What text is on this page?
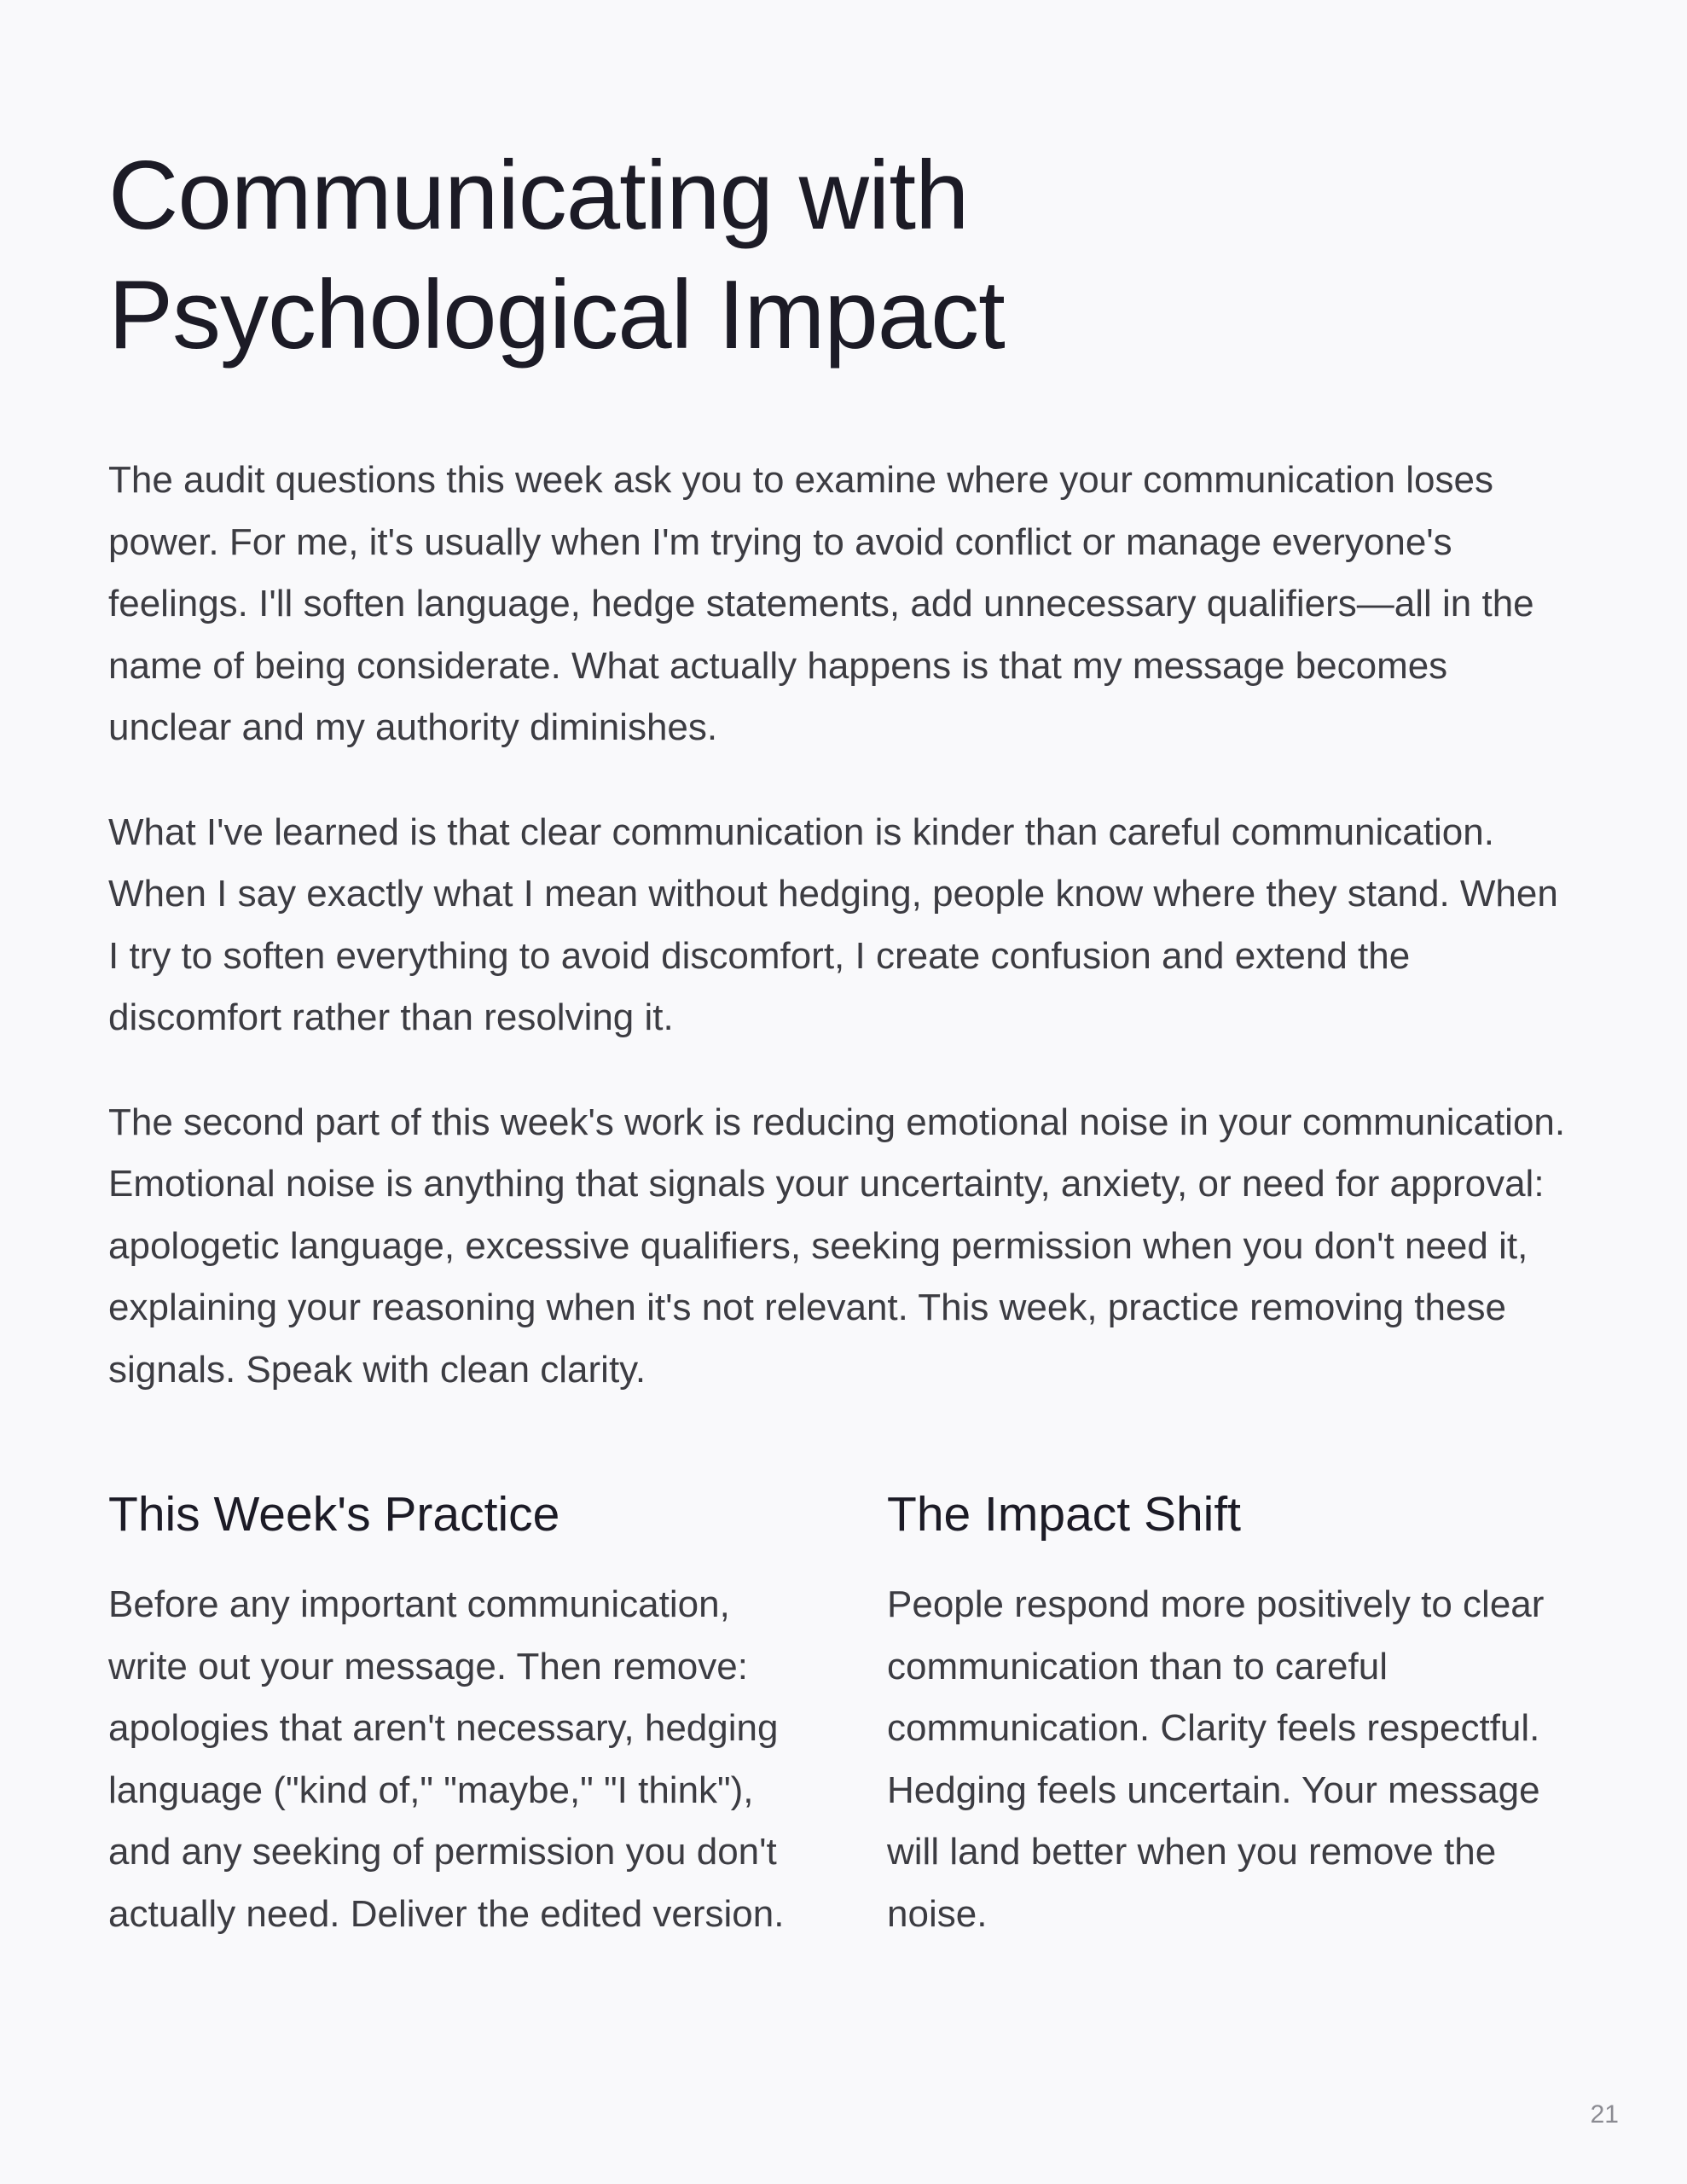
Communicating with Psychological Impact

The audit questions this week ask you to examine where your communication loses power. For me, it's usually when I'm trying to avoid conflict or manage everyone's feelings. I'll soften language, hedge statements, add unnecessary qualifiers—all in the name of being considerate. What actually happens is that my message becomes unclear and my authority diminishes.

What I've learned is that clear communication is kinder than careful communication. When I say exactly what I mean without hedging, people know where they stand. When I try to soften everything to avoid discomfort, I create confusion and extend the discomfort rather than resolving it.

The second part of this week's work is reducing emotional noise in your communication. Emotional noise is anything that signals your uncertainty, anxiety, or need for approval: apologetic language, excessive qualifiers, seeking permission when you don't need it, explaining your reasoning when it's not relevant. This week, practice removing these signals. Speak with clean clarity.

This Week's Practice

Before any important communication, write out your message. Then remove: apologies that aren't necessary, hedging language ("kind of," "maybe," "I think"), and any seeking of permission you don't actually need. Deliver the edited version.

The Impact Shift

People respond more positively to clear communication than to careful communication. Clarity feels respectful. Hedging feels uncertain. Your message will land better when you remove the noise.

21
